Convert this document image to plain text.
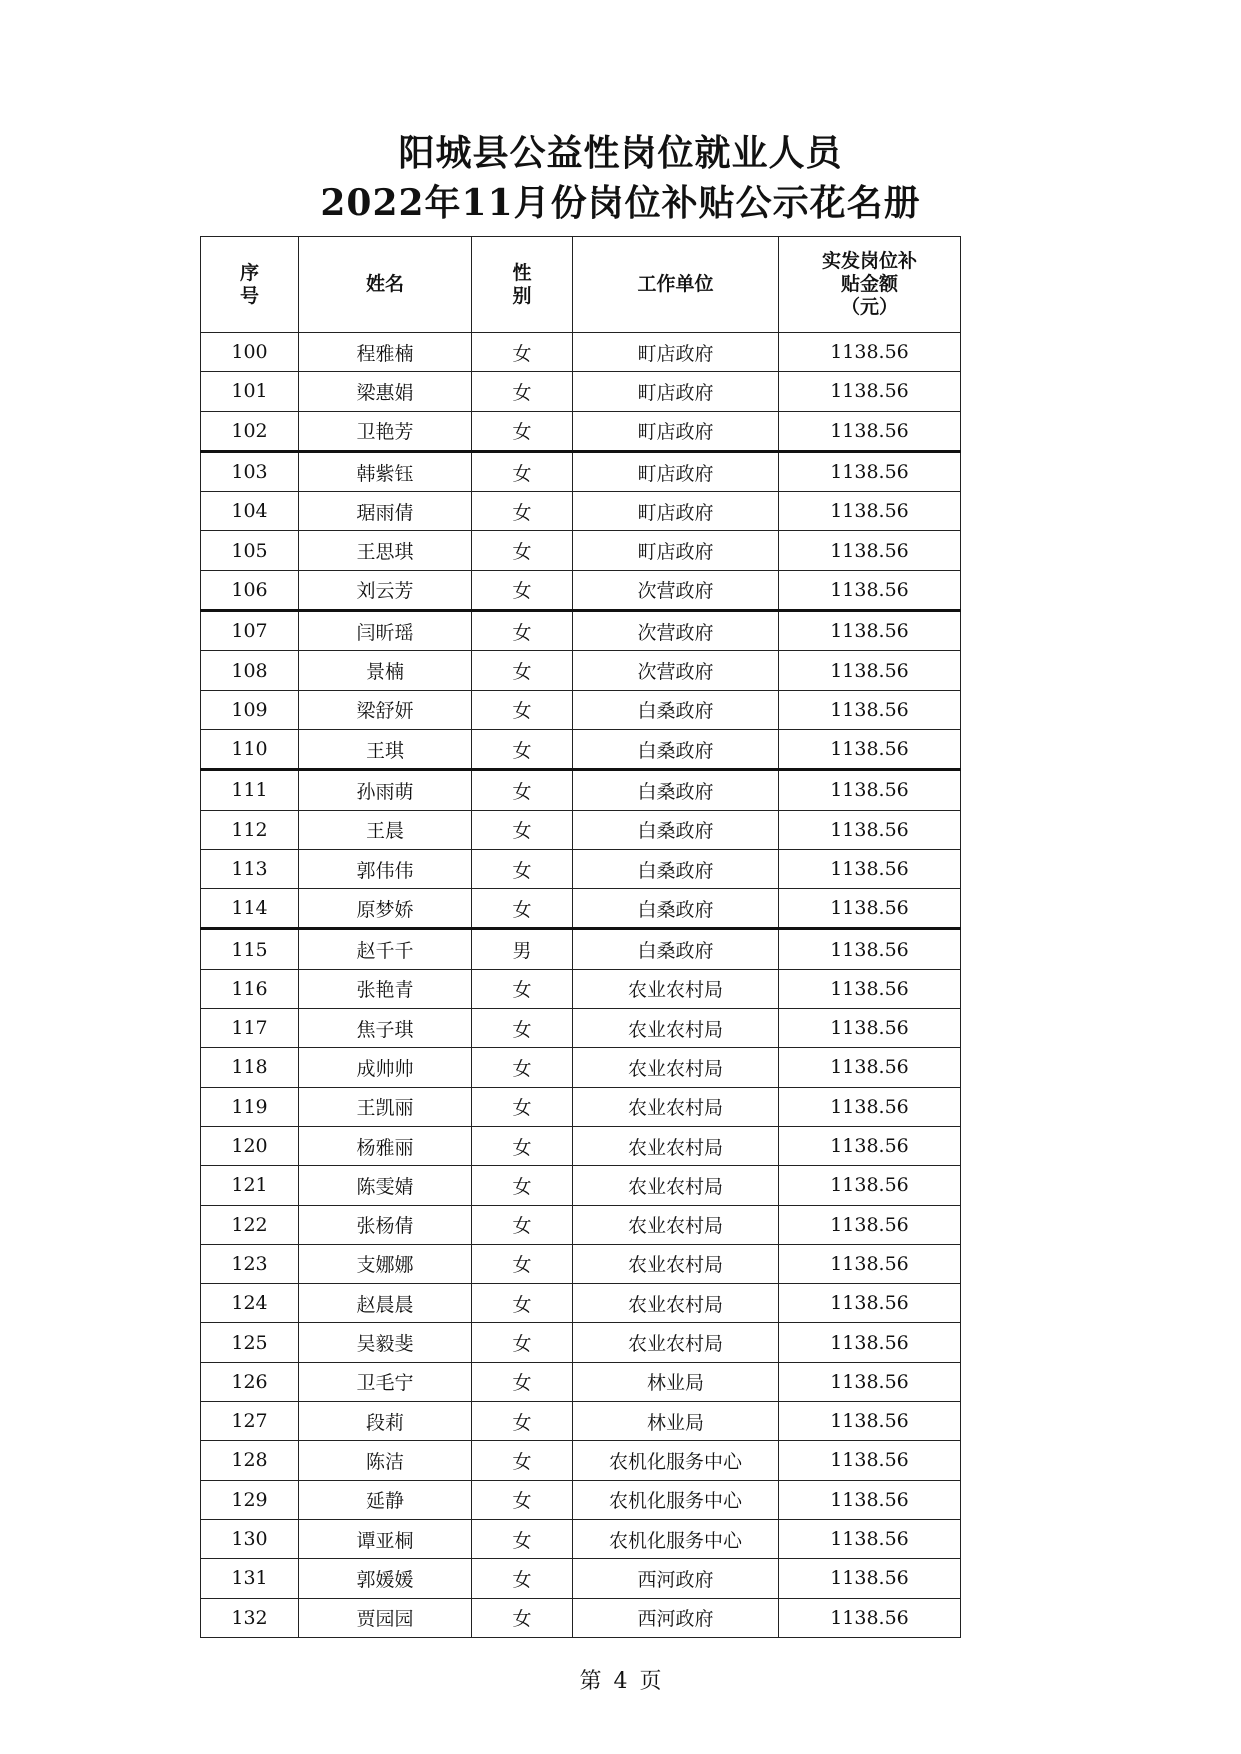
阳城县公益性岗位就业人员
2022年11月份岗位补贴公示花名册
序号	姓名	性别	工作单位	实发岗位补贴金额（元）
100	程雅楠	女	町店政府	1138.56
101	梁惠娟	女	町店政府	1138.56
102	卫艳芳	女	町店政府	1138.56
103	韩紫钰	女	町店政府	1138.56
104	琚雨倩	女	町店政府	1138.56
105	王思琪	女	町店政府	1138.56
106	刘云芳	女	次营政府	1138.56
107	闫昕瑶	女	次营政府	1138.56
108	景楠	女	次营政府	1138.56
109	梁舒妍	女	白桑政府	1138.56
110	王琪	女	白桑政府	1138.56
111	孙雨萌	女	白桑政府	1138.56
112	王晨	女	白桑政府	1138.56
113	郭伟伟	女	白桑政府	1138.56
114	原梦娇	女	白桑政府	1138.56
115	赵千千	男	白桑政府	1138.56
116	张艳青	女	农业农村局	1138.56
117	焦子琪	女	农业农村局	1138.56
118	成帅帅	女	农业农村局	1138.56
119	王凯丽	女	农业农村局	1138.56
120	杨雅丽	女	农业农村局	1138.56
121	陈雯婧	女	农业农村局	1138.56
122	张杨倩	女	农业农村局	1138.56
123	支娜娜	女	农业农村局	1138.56
124	赵晨晨	女	农业农村局	1138.56
125	吴毅斐	女	农业农村局	1138.56
126	卫毛宁	女	林业局	1138.56
127	段莉	女	林业局	1138.56
128	陈洁	女	农机化服务中心	1138.56
129	延静	女	农机化服务中心	1138.56
130	谭亚桐	女	农机化服务中心	1138.56
131	郭媛媛	女	西河政府	1138.56
132	贾园园	女	西河政府	1138.56
第 4 页
